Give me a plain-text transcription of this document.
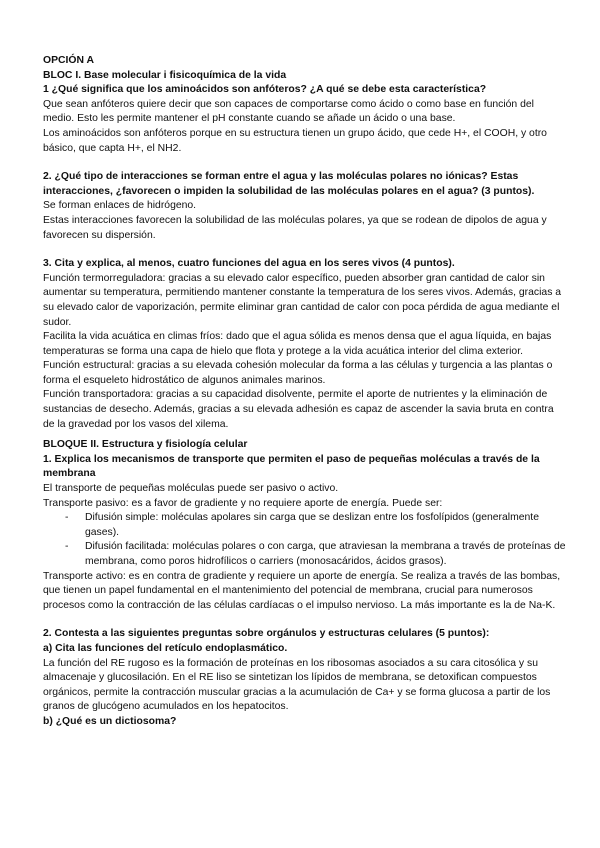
OPCIÓN A

BLOC I. Base molecular i fisicoquímica de la vida

1 ¿Qué significa que los aminoácidos son anfóteros? ¿A qué se debe esta característica?

Que sean anfóteros quiere decir que son capaces de comportarse como ácido o como base en función del medio. Esto les permite mantener el pH constante cuando se añade un ácido o una base.

Los aminoácidos son anfóteros porque en su estructura tienen un grupo ácido, que cede H+, el COOH, y otro básico, que capta H+, el NH2.

2. ¿Qué tipo de interacciones se forman entre el agua y las moléculas polares no iónicas? Estas interacciones, ¿favorecen o impiden la solubilidad de las moléculas polares en el agua? (3 puntos).

Se forman enlaces de hidrógeno.

Estas interacciones favorecen la solubilidad de las moléculas polares, ya que se rodean de dipolos de agua y favorecen su dispersión.

3. Cita y explica, al menos, cuatro funciones del agua en los seres vivos (4 puntos).

Función termorreguladora: gracias a su elevado calor específico, pueden absorber gran cantidad de calor sin aumentar su temperatura, permitiendo mantener constante la temperatura de los seres vivos. Además, gracias a su elevado calor de vaporización, permite eliminar gran cantidad de calor con poca pérdida de agua mediante el sudor.

Facilita la vida acuática en climas fríos: dado que el agua sólida es menos densa que el agua líquida, en bajas temperaturas se forma una capa de hielo que flota y protege a la vida acuática interior del clima exterior.

Función estructural: gracias a su elevada cohesión molecular da forma a las células y turgencia a las plantas o forma el esqueleto hidrostático de algunos animales marinos.

Función transportadora: gracias a su capacidad disolvente, permite el aporte de nutrientes y la eliminación de sustancias de desecho. Además, gracias a su elevada adhesión es capaz de ascender la savia bruta en contra de la gravedad por los vasos del xilema.

BLOQUE II. Estructura y fisiología celular

1. Explica los mecanismos de transporte que permiten el paso de pequeñas moléculas a través de la membrana

El transporte de pequeñas moléculas puede ser pasivo o activo.

Transporte pasivo: es a favor de gradiente y no requiere aporte de energía. Puede ser:

- Difusión simple: moléculas apolares sin carga que se deslizan entre los fosfolípidos (generalmente gases).
- Difusión facilitada: moléculas polares o con carga, que atraviesan la membrana a través de proteínas de membrana, como poros hidrofílicos o carriers (monosacáridos, ácidos grasos).

Transporte activo: es en contra de gradiente y requiere un aporte de energía. Se realiza a través de las bombas, que tienen un papel fundamental en el mantenimiento del potencial de membrana, crucial para numerosos procesos como la contracción de las células cardíacas o el impulso nervioso. La más importante es la de Na-K.

2. Contesta a las siguientes preguntas sobre orgánulos y estructuras celulares (5 puntos):

a) Cita las funciones del retículo endoplasmático.

La función del RE rugoso es la formación de proteínas en los ribosomas asociados a su cara citosólica y su almacenaje y glucosilación. En el RE liso se sintetizan los lípidos de membrana, se detoxifican compuestos orgánicos, permite la contracción muscular gracias a la acumulación de Ca+ y se forma glucosa a partir de los granos de glucógeno acumulados en los hepatocitos.

b) ¿Qué es un dictiosoma?
